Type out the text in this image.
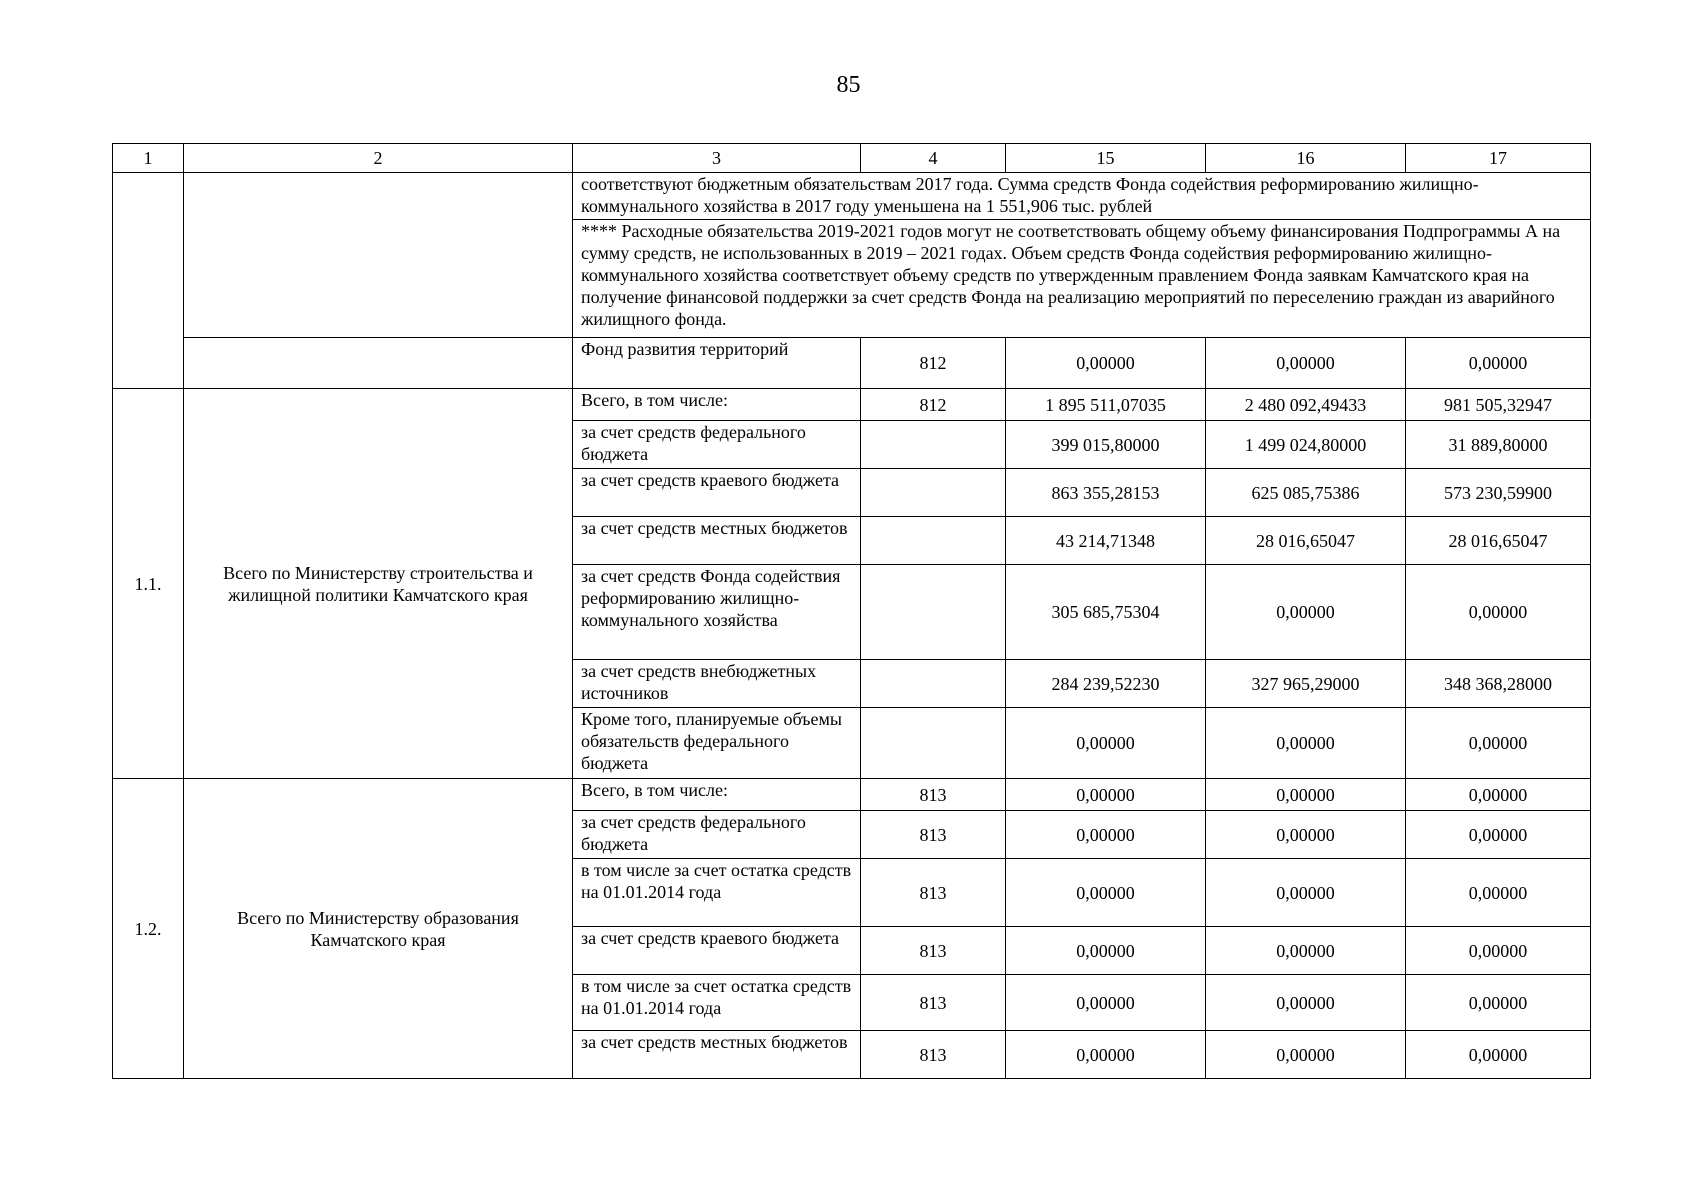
85
1	2	3	4	15	16	17
		соответствуют бюджетным обязательствам 2017 года. Сумма средств Фонда содействия реформированию жилищно-коммунального хозяйства в 2017 году уменьшена на 1 551,906 тыс. рублей				
		**** Расходные обязательства 2019-2021 годов могут не соответствовать общему объему финансирования Подпрограммы А на сумму средств, не использованных в 2019 – 2021 годах. Объем средств Фонда содействия реформированию жилищно-коммунального хозяйства соответствует объему средств по утвержденным правлением Фонда заявкам Камчатского края на получение финансовой поддержки за счет средств Фонда на реализацию мероприятий по переселению граждан из аварийного жилищного фонда.				
		Фонд развития территорий	812	0,00000	0,00000	0,00000
1.1.	Всего по Министерству строительства и жилищной политики Камчатского края	Всего, в том числе:	812	1 895 511,07035	2 480 092,49433	981 505,32947
		за счет средств федерального бюджета		399 015,80000	1 499 024,80000	31 889,80000
		за счет средств краевого бюджета		863 355,28153	625 085,75386	573 230,59900
		за счет средств местных бюджетов		43 214,71348	28 016,65047	28 016,65047
		за счет средств Фонда содействия реформированию жилищно-коммунального хозяйства		305 685,75304	0,00000	0,00000
		за счет средств внебюджетных источников		284 239,52230	327 965,29000	348 368,28000
		Кроме того, планируемые объемы обязательств федерального бюджета		0,00000	0,00000	0,00000
1.2.	Всего по Министерству образования Камчатского края	Всего, в том числе:	813	0,00000	0,00000	0,00000
		за счет средств федерального бюджета	813	0,00000	0,00000	0,00000
		в том числе за счет остатка средств на 01.01.2014 года	813	0,00000	0,00000	0,00000
		за счет средств краевого бюджета	813	0,00000	0,00000	0,00000
		в том числе за счет остатка средств на 01.01.2014 года	813	0,00000	0,00000	0,00000
		за счет средств местных бюджетов	813	0,00000	0,00000	0,00000
